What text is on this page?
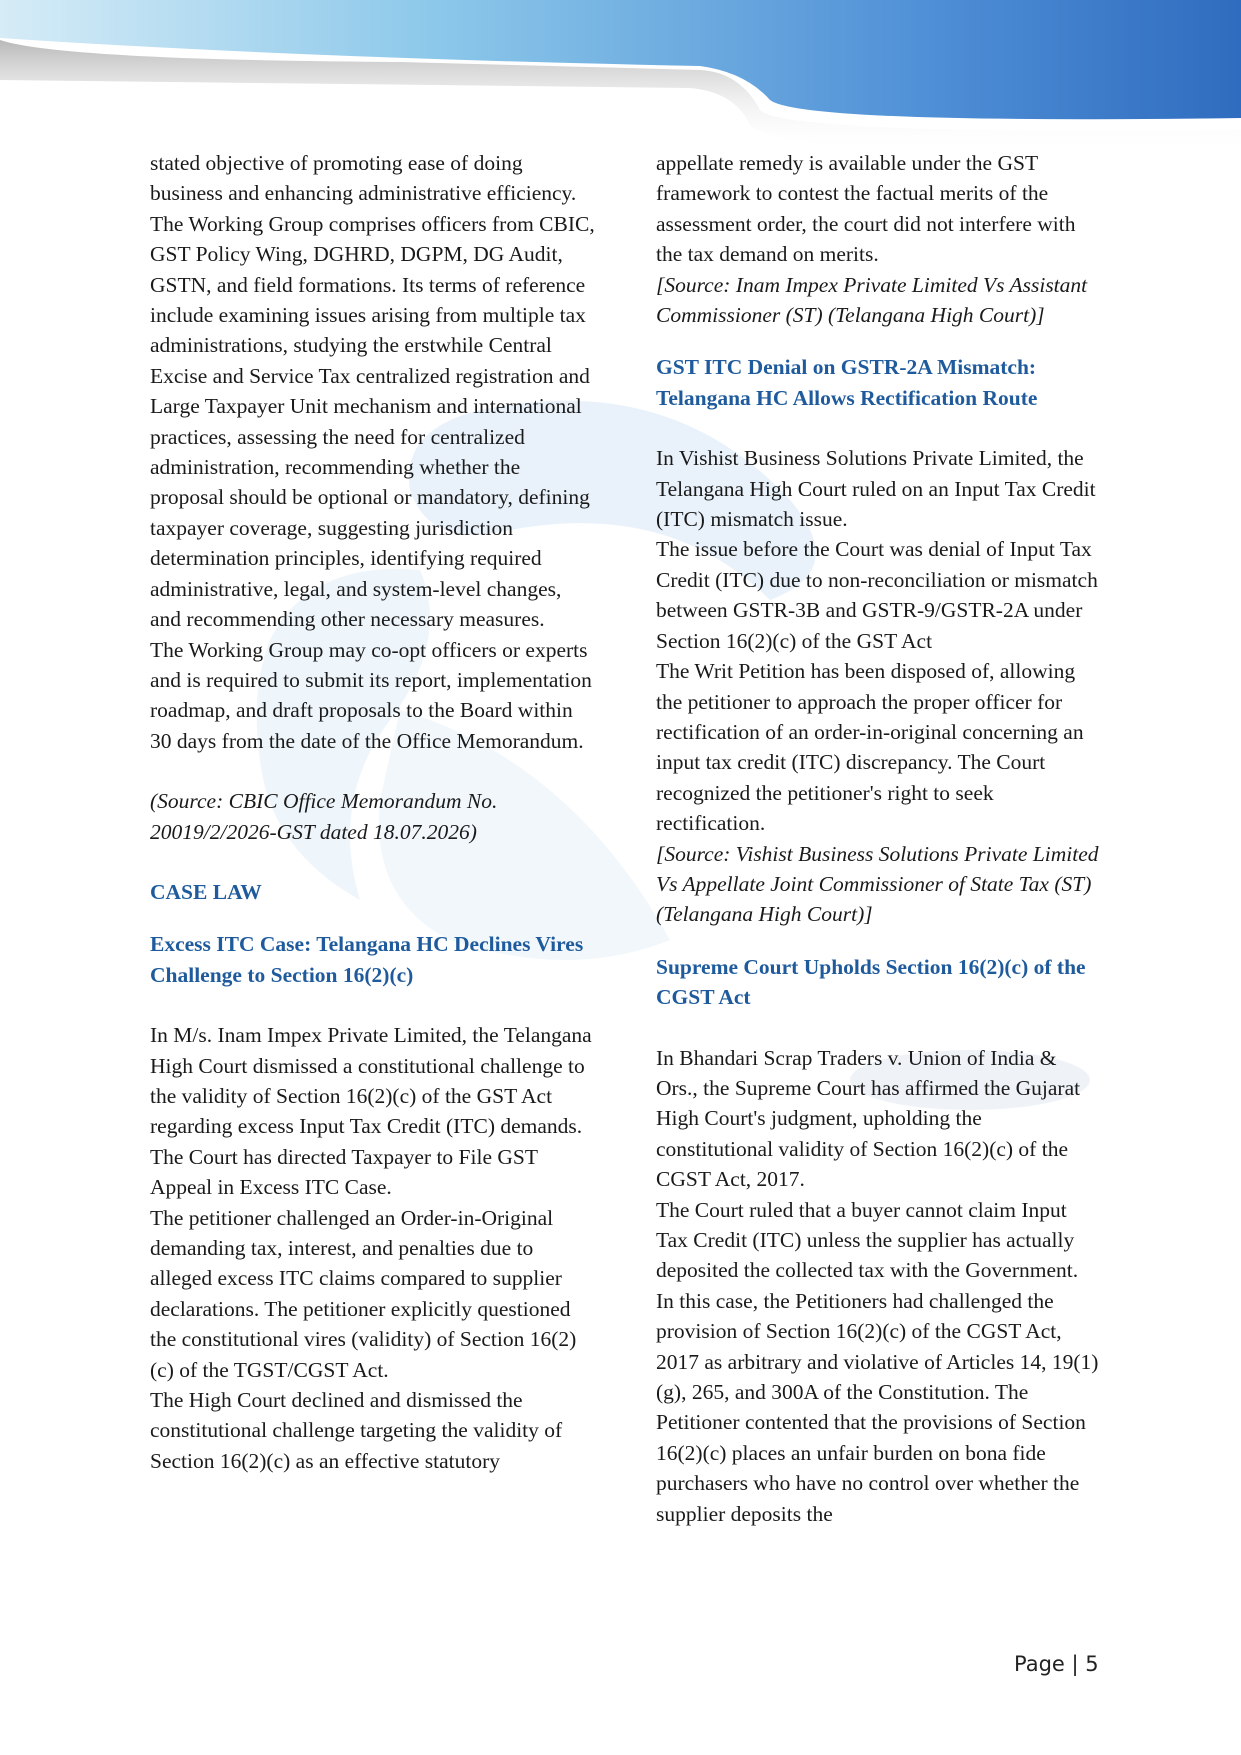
stated objective of promoting ease of doing business and enhancing administrative efficiency.

The Working Group comprises officers from CBIC, GST Policy Wing, DGHRD, DGPM, DG Audit, GSTN, and field formations. Its terms of reference include examining issues arising from multiple tax administrations, studying the erstwhile Central Excise and Service Tax centralized registration and Large Taxpayer Unit mechanism and international practices, assessing the need for centralized administration, recommending whether the proposal should be optional or mandatory, defining taxpayer coverage, suggesting jurisdiction determination principles, identifying required administrative, legal, and system-level changes, and recommending other necessary measures.

The Working Group may co-opt officers or experts and is required to submit its report, implementation roadmap, and draft proposals to the Board within 30 days from the date of the Office Memorandum.

(Source: CBIC Office Memorandum No. 20019/2/2026-GST dated 18.07.2026)

CASE LAW

Excess ITC Case: Telangana HC Declines Vires Challenge to Section 16(2)(c)

In M/s. Inam Impex Private Limited, the Telangana High Court dismissed a constitutional challenge to the validity of Section 16(2)(c) of the GST Act regarding excess Input Tax Credit (ITC) demands. The Court has directed Taxpayer to File GST Appeal in Excess ITC Case.

The petitioner challenged an Order-in-Original demanding tax, interest, and penalties due to alleged excess ITC claims compared to supplier declarations. The petitioner explicitly questioned the constitutional vires (validity) of Section 16(2)(c) of the TGST/CGST Act.

The High Court declined and dismissed the constitutional challenge targeting the validity of Section 16(2)(c) as an effective statutory

appellate remedy is available under the GST framework to contest the factual merits of the assessment order, the court did not interfere with the tax demand on merits.

[Source: Inam Impex Private Limited Vs Assistant Commissioner (ST) (Telangana High Court)]

GST ITC Denial on GSTR-2A Mismatch: Telangana HC Allows Rectification Route

In Vishist Business Solutions Private Limited, the Telangana High Court ruled on an Input Tax Credit (ITC) mismatch issue.

The issue before the Court was denial of Input Tax Credit (ITC) due to non-reconciliation or mismatch between GSTR-3B and GSTR-9/GSTR-2A under Section 16(2)(c) of the GST Act

The Writ Petition has been disposed of, allowing the petitioner to approach the proper officer for rectification of an order-in-original concerning an input tax credit (ITC) discrepancy. The Court recognized the petitioner's right to seek rectification.

[Source: Vishist Business Solutions Private Limited Vs Appellate Joint Commissioner of State Tax (ST) (Telangana High Court)]

Supreme Court Upholds Section 16(2)(c) of the CGST Act

In Bhandari Scrap Traders v. Union of India & Ors., the Supreme Court has affirmed the Gujarat High Court's judgment, upholding the constitutional validity of Section 16(2)(c) of the CGST Act, 2017.

The Court ruled that a buyer cannot claim Input Tax Credit (ITC) unless the supplier has actually deposited the collected tax with the Government.

In this case, the Petitioners had challenged the provision of Section 16(2)(c) of the CGST Act, 2017 as arbitrary and violative of Articles 14, 19(1)(g), 265, and 300A of the Constitution. The Petitioner contented that the provisions of Section 16(2)(c) places an unfair burden on bona fide purchasers who have no control over whether the supplier deposits the

Page | 5
